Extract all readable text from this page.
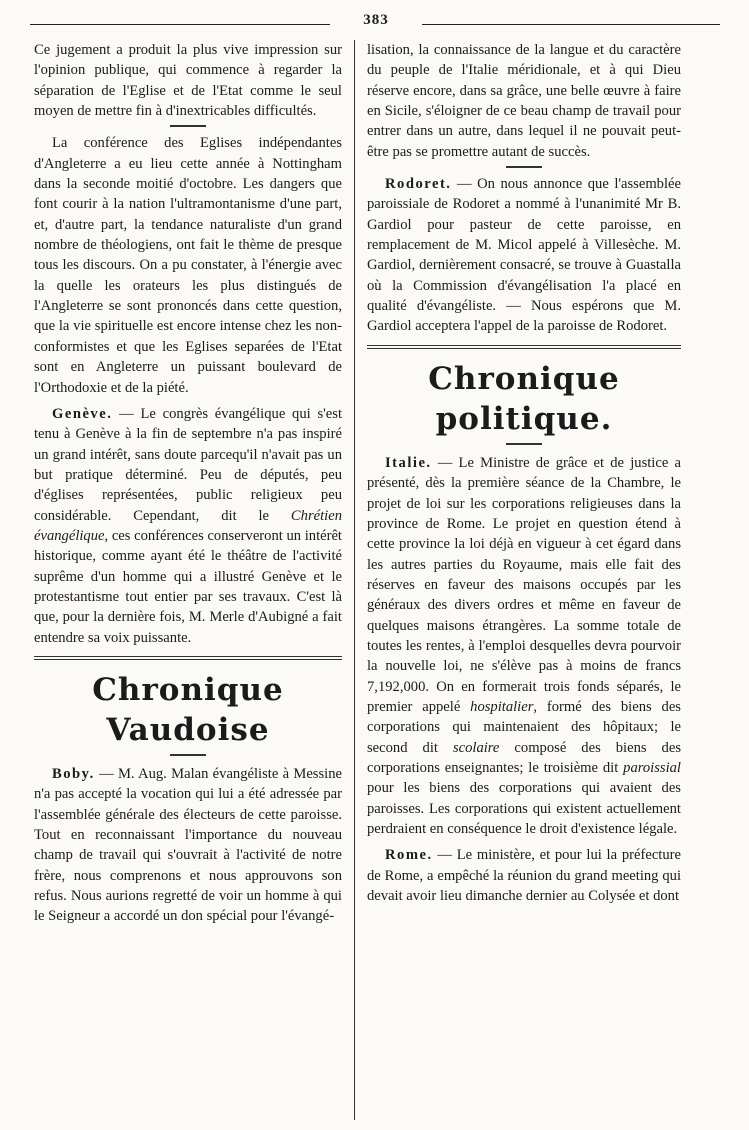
383

Ce jugement a produit la plus vive impression sur l'opinion publique, qui commence à regarder la séparation de l'Eglise et de l'Etat comme le seul moyen de mettre fin à d'inextricables difficultés.

La conférence des Eglises indépendantes d'Angleterre a eu lieu cette année à Nottingham dans la seconde moitié d'octobre. Les dangers que font courir à la nation l'ultramontanisme d'une part, et, d'autre part, la tendance naturaliste d'un grand nombre de théologiens, ont fait le thème de presque tous les discours. On a pu constater, à l'énergie avec la quelle les orateurs les plus distingués de l'Angleterre se sont prononcés dans cette question, que la vie spirituelle est encore intense chez les non-conformistes et que les Eglises separées de l'Etat sont en Angleterre un puissant boulevard de l'Orthodoxie et de la piété.

Genève. — Le congrès évangélique qui s'est tenu à Genève à la fin de septembre n'a pas inspiré un grand intérêt, sans doute parcequ'il n'avait pas un but pratique déterminé. Peu de députés, peu d'églises représentées, public religieux peu considérable. Cependant, dit le Chrétien évangélique, ces conférences conserveront un intérêt historique, comme ayant été le théâtre de l'activité suprême d'un homme qui a illustré Genève et le protestantisme tout entier par ses travaux. C'est là que, pour la dernière fois, M. Merle d'Aubigné a fait entendre sa voix puissante.

Chronique Vaudoise

Boby. — M. Aug. Malan évangéliste à Messine n'a pas accepté la vocation qui lui a été adressée par l'assemblée générale des électeurs de cette paroisse. Tout en reconnaissant l'importance du nouveau champ de travail qui s'ouvrait à l'activité de notre frère, nous comprenons et nous approuvons son refus. Nous aurions regretté de voir un homme à qui le Seigneur a accordé un don spécial pour l'évangé-

lisation, la connaissance de la langue et du caractère du peuple de l'Italie méridionale, et à qui Dieu réserve encore, dans sa grâce, une belle œuvre à faire en Sicile, s'éloigner de ce beau champ de travail pour entrer dans un autre, dans lequel il ne pouvait peut-être pas se promettre autant de succès.

Rodoret. — On nous annonce que l'assemblée paroissiale de Rodoret a nommé à l'unanimité Mr B. Gardiol pour pasteur de cette paroisse, en remplacement de M. Micol appelé à Villesèche. M. Gardiol, dernièrement consacré, se trouve à Guastalla où la Commission d'évangélisation l'a placé en qualité d'évangéliste. — Nous espérons que M. Gardiol acceptera l'appel de la paroisse de Rodoret.

Chronique politique.

Italie. — Le Ministre de grâce et de justice a présenté, dès la première séance de la Chambre, le projet de loi sur les corporations religieuses dans la province de Rome. Le projet en question étend à cette province la loi déjà en vigueur à cet égard dans les autres parties du Royaume, mais elle fait des réserves en faveur des maisons occupés par les généraux des divers ordres et même en faveur de quelques maisons étrangères. La somme totale de toutes les rentes, à l'emploi desquelles devra pourvoir la nouvelle loi, ne s'élève pas à moins de francs 7,192,000. On en formerait trois fonds séparés, le premier appelé hospitalier, formé des biens des corporations qui maintenaient des hôpitaux; le second dit scolaire composé des biens des corporations enseignantes; le troisième dit paroissial pour les biens des corporations qui avaient des paroisses. Les corporations qui existent actuellement perdraient en conséquence le droit d'existence légale.

Rome. — Le ministère, et pour lui la préfecture de Rome, a empêché la réunion du grand meeting qui devait avoir lieu dimanche dernier au Colysée et dont
